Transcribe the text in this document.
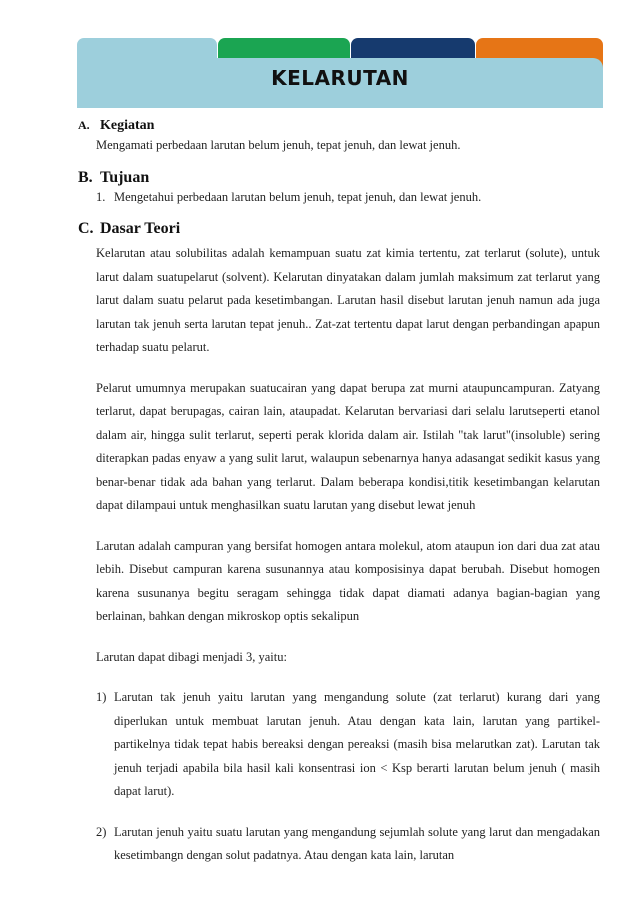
KELARUTAN
A. Kegiatan
Mengamati perbedaan larutan belum jenuh, tepat jenuh, dan lewat jenuh.
B. Tujuan
1. Mengetahui perbedaan larutan belum jenuh, tepat jenuh, dan lewat jenuh.
C. Dasar Teori
Kelarutan atau solubilitas adalah kemampuan suatu zat kimia tertentu, zat terlarut (solute), untuk larut dalam suatupelarut (solvent). Kelarutan dinyatakan dalam jumlah maksimum zat terlarut yang larut dalam suatu pelarut pada kesetimbangan. Larutan hasil disebut larutan jenuh namun ada juga larutan tak jenuh serta larutan tepat jenuh.. Zat-zat tertentu dapat larut dengan perbandingan apapun terhadap suatu pelarut.
Pelarut umumnya merupakan suatucairan yang dapat berupa zat murni ataupuncampuran. Zatyang terlarut, dapat berupagas, cairan lain, ataupadat. Kelarutan bervariasi dari selalu larutseperti etanol dalam air, hingga sulit terlarut, seperti perak klorida dalam air. Istilah "tak larut"(insoluble) sering diterapkan padas enyaw a yang sulit larut, walaupun sebenarnya hanya adasangat sedikit kasus yang benar-benar tidak ada bahan yang terlarut. Dalam beberapa kondisi,titik kesetimbangan kelarutan dapat dilampaui untuk menghasilkan suatu larutan yang disebut lewat jenuh
Larutan adalah campuran yang bersifat homogen antara molekul, atom ataupun ion dari dua zat atau lebih. Disebut campuran karena susunannya atau komposisinya dapat berubah. Disebut homogen karena susunanya begitu seragam sehingga tidak dapat diamati adanya bagian-bagian yang berlainan, bahkan dengan mikroskop optis sekalipun
Larutan dapat dibagi menjadi 3, yaitu:
1) Larutan tak jenuh yaitu larutan yang mengandung solute (zat terlarut) kurang dari yang diperlukan untuk membuat larutan jenuh. Atau dengan kata lain, larutan yang partikel- partikelnya tidak tepat habis bereaksi dengan pereaksi (masih bisa melarutkan zat). Larutan tak jenuh terjadi apabila bila hasil kali konsentrasi ion < Ksp berarti larutan belum jenuh ( masih dapat larut).
2) Larutan jenuh yaitu suatu larutan yang mengandung sejumlah solute yang larut dan mengadakan kesetimbangn dengan solut padatnya. Atau dengan kata lain, larutan
